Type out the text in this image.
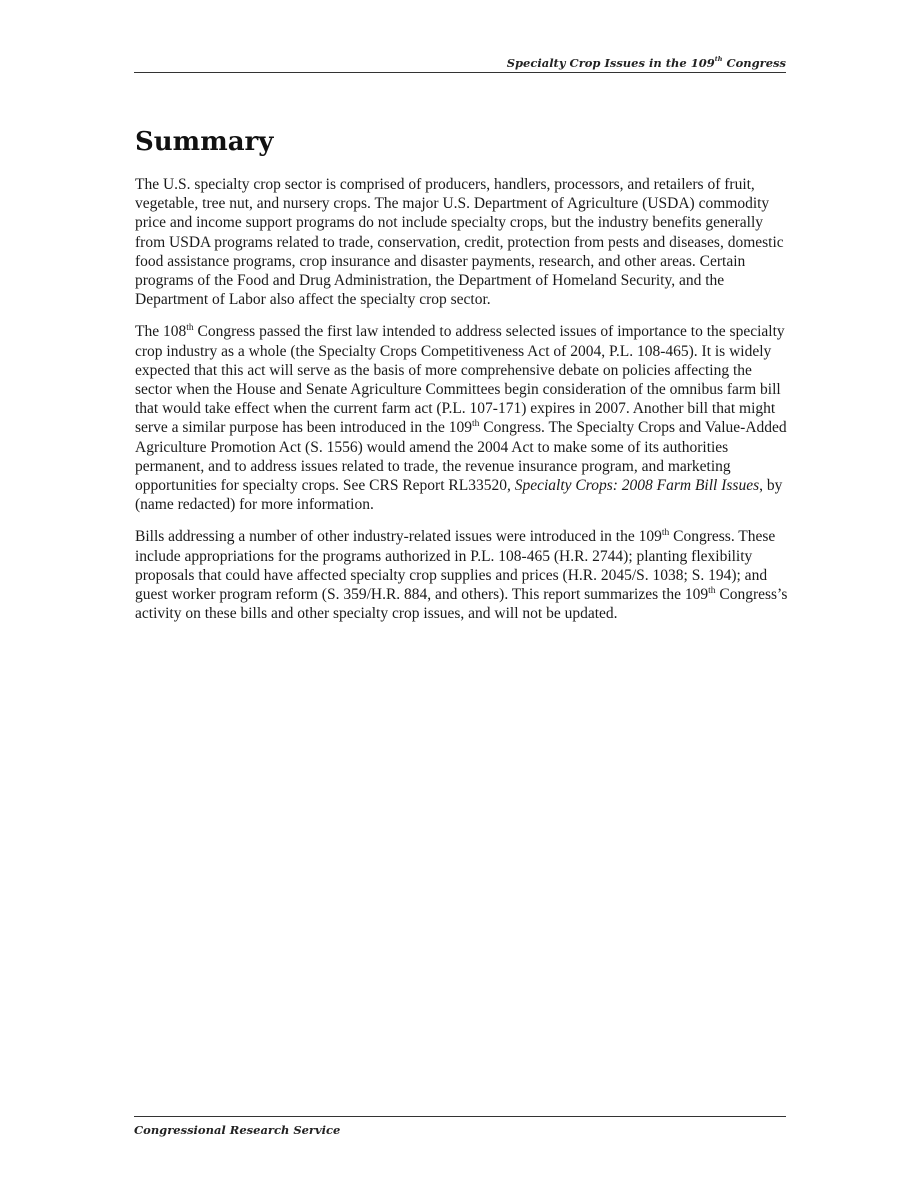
Specialty Crop Issues in the 109th Congress
Summary

The U.S. specialty crop sector is comprised of producers, handlers, processors, and retailers of fruit, vegetable, tree nut, and nursery crops. The major U.S. Department of Agriculture (USDA) commodity price and income support programs do not include specialty crops, but the industry benefits generally from USDA programs related to trade, conservation, credit, protection from pests and diseases, domestic food assistance programs, crop insurance and disaster payments, research, and other areas. Certain programs of the Food and Drug Administration, the Department of Homeland Security, and the Department of Labor also affect the specialty crop sector.

The 108th Congress passed the first law intended to address selected issues of importance to the specialty crop industry as a whole (the Specialty Crops Competitiveness Act of 2004, P.L. 108-465). It is widely expected that this act will serve as the basis of more comprehensive debate on policies affecting the sector when the House and Senate Agriculture Committees begin consideration of the omnibus farm bill that would take effect when the current farm act (P.L. 107-171) expires in 2007. Another bill that might serve a similar purpose has been introduced in the 109th Congress. The Specialty Crops and Value-Added Agriculture Promotion Act (S. 1556) would amend the 2004 Act to make some of its authorities permanent, and to address issues related to trade, the revenue insurance program, and marketing opportunities for specialty crops. See CRS Report RL33520, Specialty Crops: 2008 Farm Bill Issues, by (name redacted) for more information.

Bills addressing a number of other industry-related issues were introduced in the 109th Congress. These include appropriations for the programs authorized in P.L. 108-465 (H.R. 2744); planting flexibility proposals that could have affected specialty crop supplies and prices (H.R. 2045/S. 1038; S. 194); and guest worker program reform (S. 359/H.R. 884, and others). This report summarizes the 109th Congress’s activity on these bills and other specialty crop issues, and will not be updated.

Congressional Research Service
